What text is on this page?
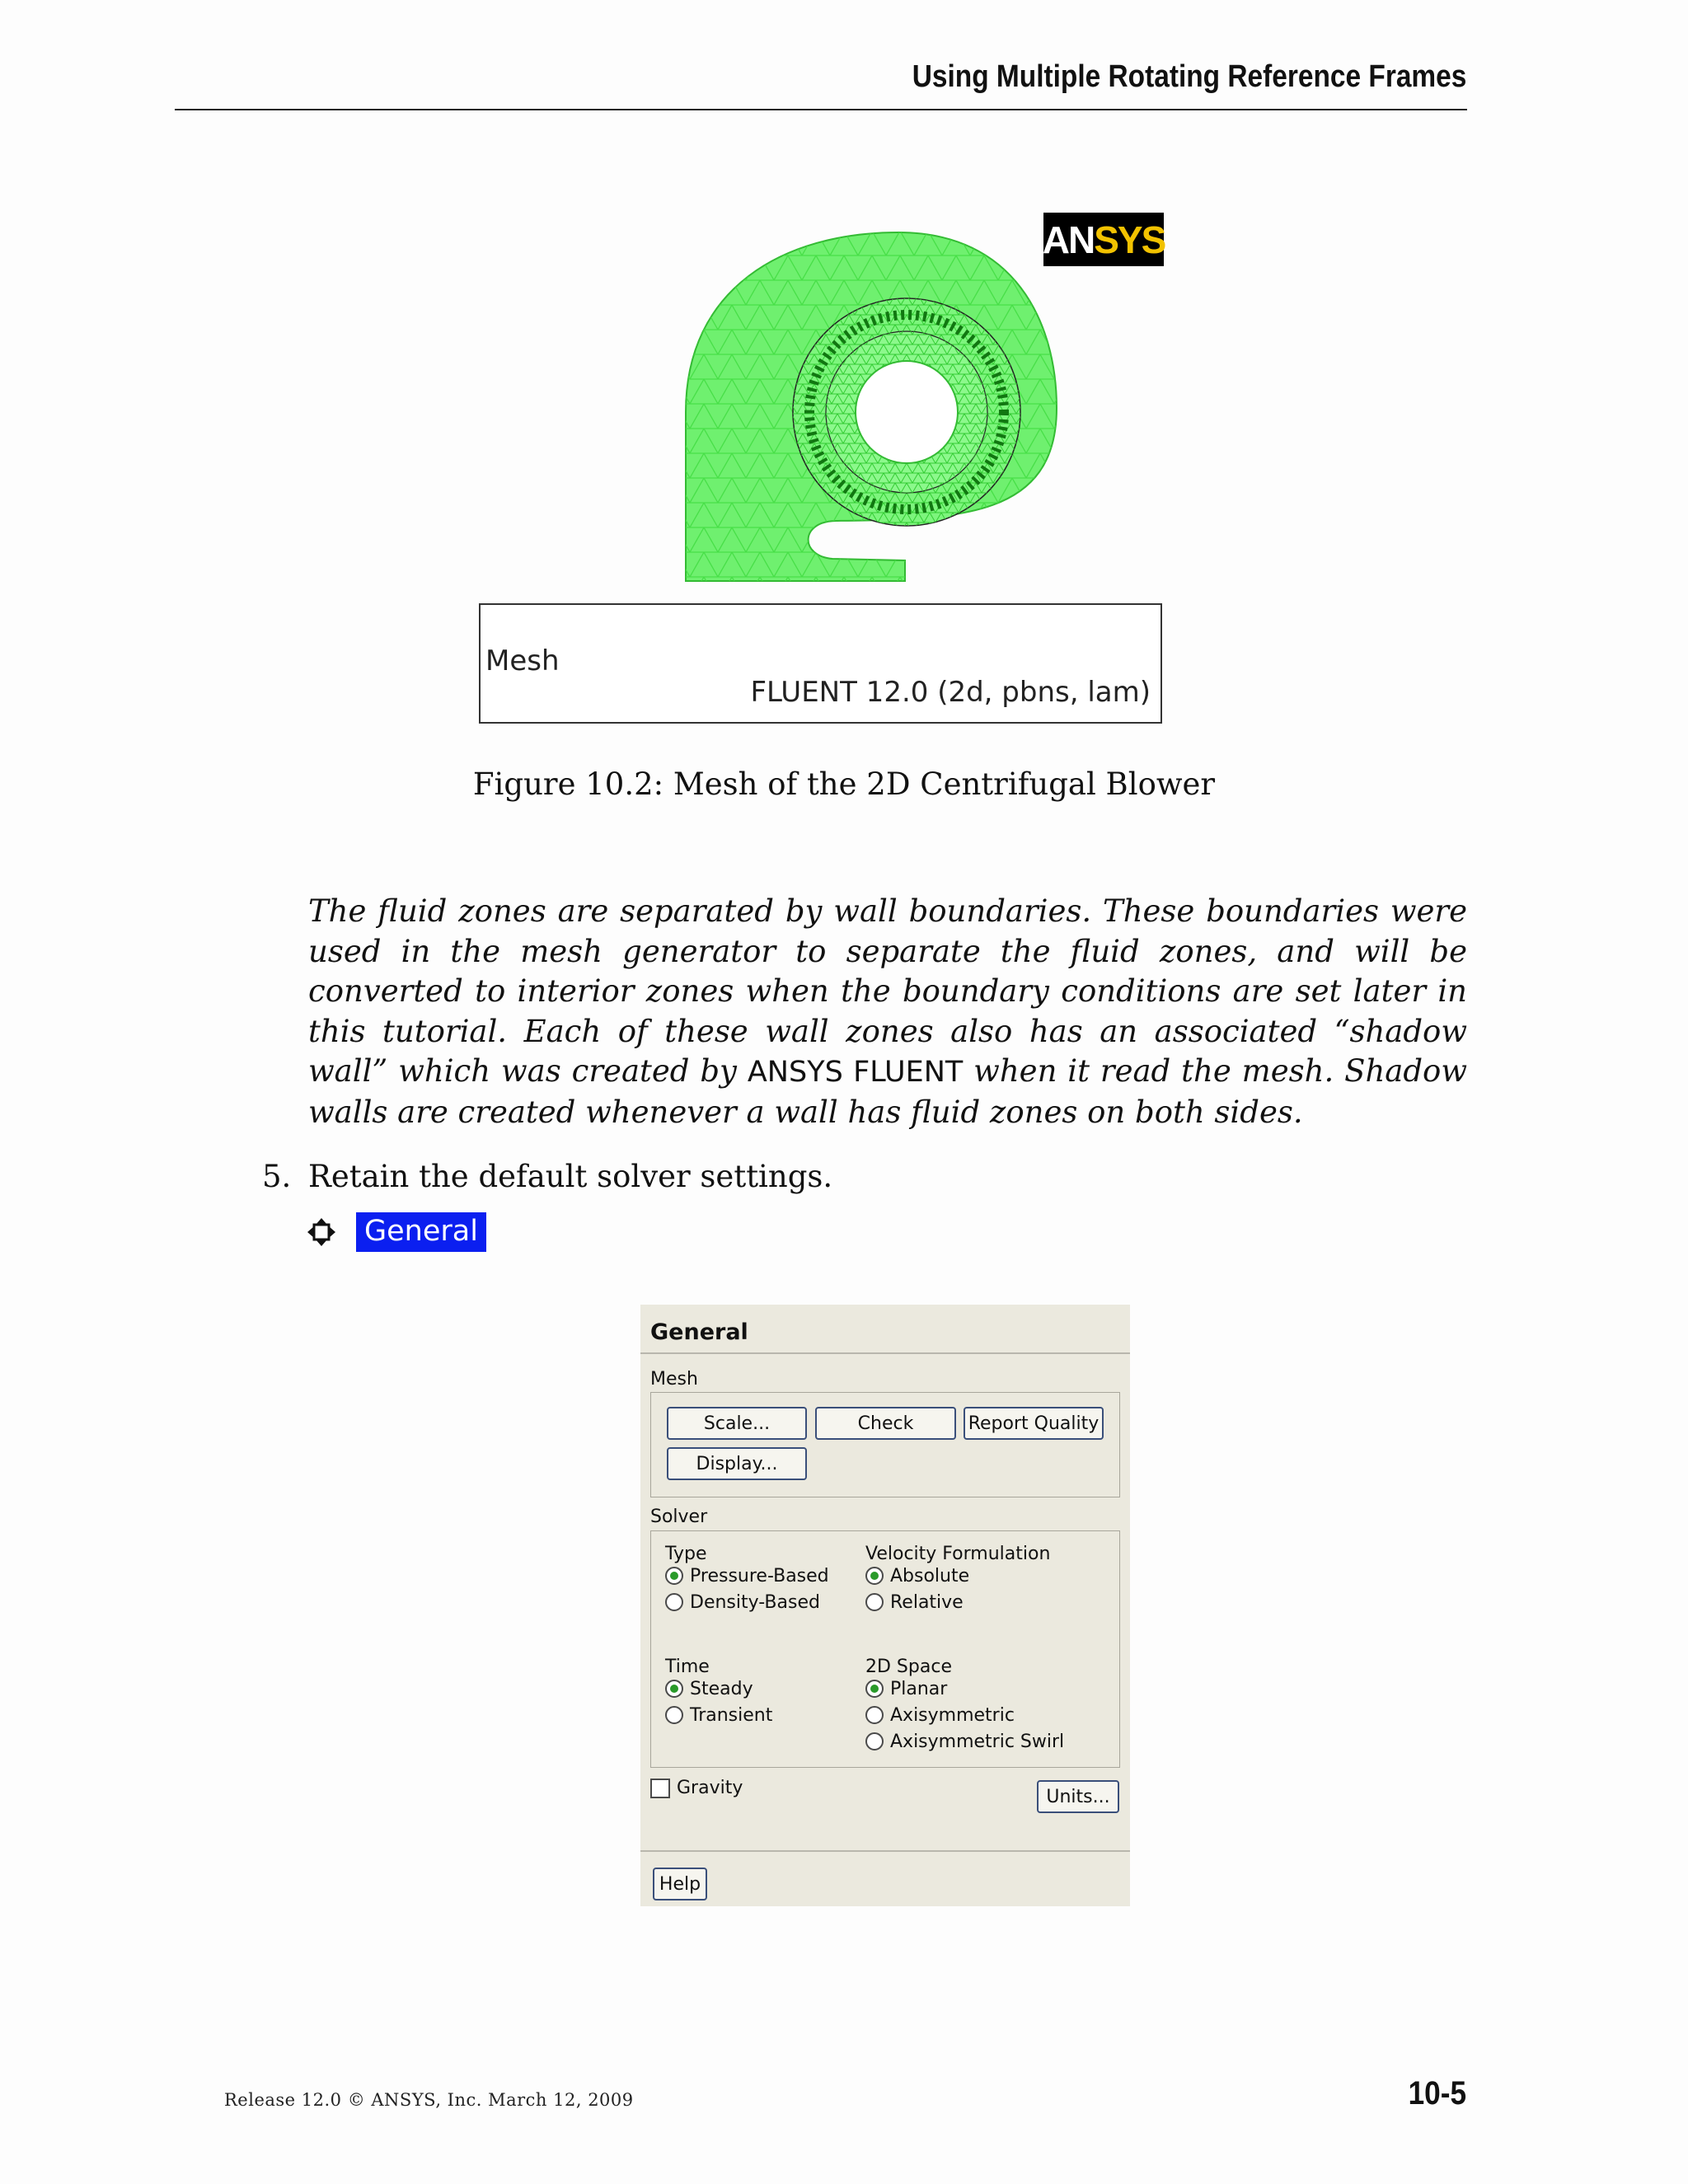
Using Multiple Rotating Reference Frames
AN SYS
Mesh
FLUENT 12.0 (2d, pbns, lam)
Figure 10.2: Mesh of the 2D Centrifugal Blower
The fluid zones are separated by wall boundaries. These boundaries were used in the mesh generator to separate the fluid zones, and will be converted to interior zones when the boundary conditions are set later in this tutorial. Each of these wall zones also has an associated “shadow wall” which was created by ANSYS FLUENT when it read the mesh. Shadow walls are created whenever a wall has fluid zones on both sides.
5. Retain the default solver settings.
General
General
Mesh
Scale...	Check	Report Quality
Display...
Solver
Type
Pressure-Based
Density-Based
Velocity Formulation
Absolute
Relative
Time
Steady
Transient
2D Space
Planar
Axisymmetric
Axisymmetric Swirl
Gravity	Units...
Help
Release 12.0 © ANSYS, Inc. March 12, 2009	10-5
